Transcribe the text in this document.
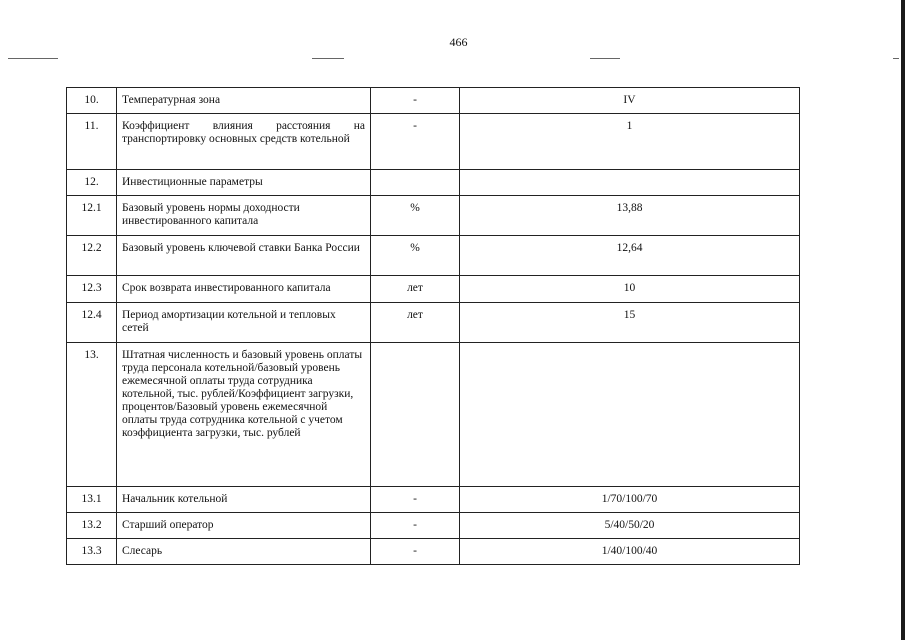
466
10.	Температурная зона	-	IV
11.	Коэффициент влияния расстояния на транспортировку основных средств котельной	-	1
12.	Инвестиционные параметры		
12.1	Базовый уровень нормы доходности инвестированного капитала	%	13,88
12.2	Базовый уровень ключевой ставки Банка России	%	12,64
12.3	Срок возврата инвестированного капитала	лет	10
12.4	Период амортизации котельной и тепловых сетей	лет	15
13.	Штатная численность и базовый уровень оплаты труда персонала котельной/базовый уровень ежемесячной оплаты труда сотрудника котельной, тыс. рублей/Коэффициент загрузки, процентов/Базовый уровень ежемесячной оплаты труда сотрудника котельной с учетом коэффициента загрузки, тыс. рублей		
13.1	Начальник котельной	-	1/70/100/70
13.2	Старший оператор	-	5/40/50/20
13.3	Слесарь	-	1/40/100/40
